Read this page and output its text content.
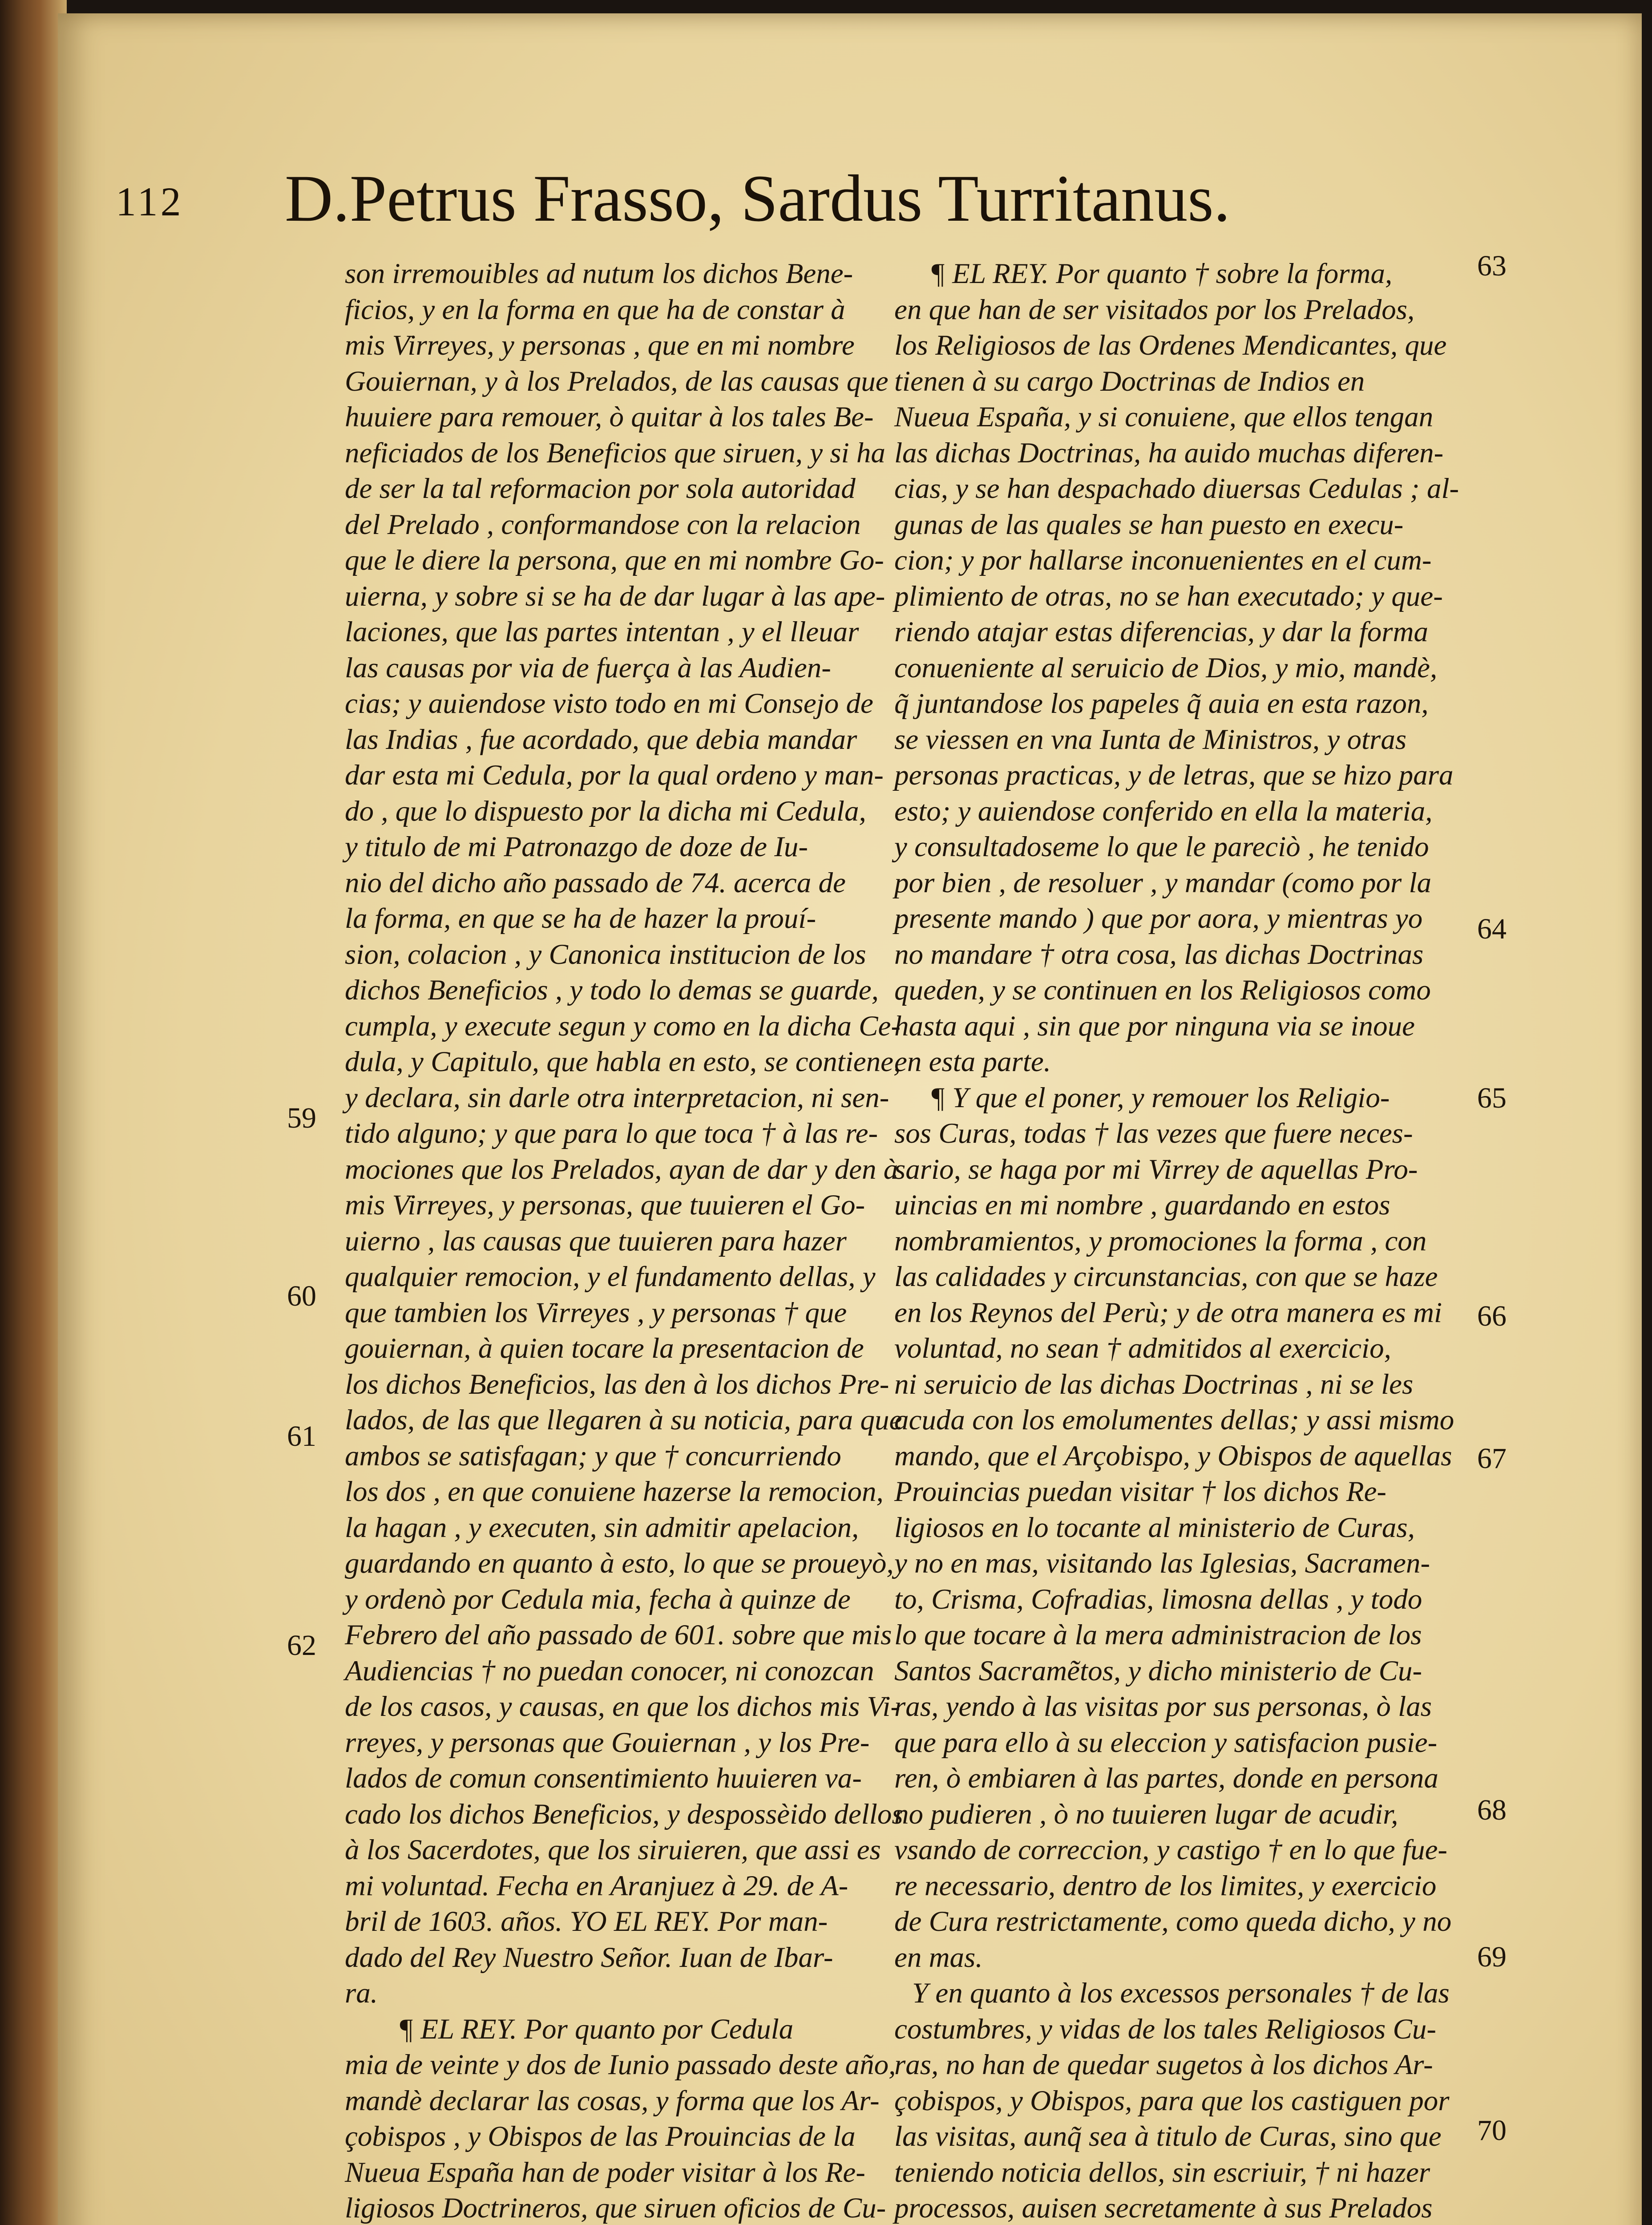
112 D.Petrus Frasso, Sardus Turritanus.
son irremouibles ad nutum los dichos Bene-
ficios, y en la forma en que ha de constar à
mis Virreyes, y personas , que en mi nombre
Gouiernan, y à los Prelados, de las causas que
huuiere para remouer, ò quitar à los tales Be-
neficiados de los Beneficios que siruen, y si ha
de ser la tal reformacion por sola autoridad
del Prelado , conformandose con la relacion
que le diere la persona, que en mi nombre Go-
uierna, y sobre si se ha de dar lugar à las ape-
laciones, que las partes intentan , y el lleuar
las causas por via de fuerça à las Audien-
cias; y auiendose visto todo en mi Consejo de
las Indias , fue acordado, que debia mandar
dar esta mi Cedula, por la qual ordeno y man-
do , que lo dispuesto por la dicha mi Cedula,
y titulo de mi Patronazgo de doze de Iu-
nio del dicho año passado de 74. acerca de
la forma, en que se ha de hazer la prouí-
sion, colacion , y Canonica institucion de los
dichos Beneficios , y todo lo demas se guarde,
cumpla, y execute segun y como en la dicha Ce-
dula, y Capitulo, que habla en esto, se contiene,
y declara, sin darle otra interpretacion, ni sen-
tido alguno; y que para lo que toca † à las re-
mociones que los Prelados, ayan de dar y den à
mis Virreyes, y personas, que tuuieren el Go-
uierno , las causas que tuuieren para hazer
qualquier remocion, y el fundamento dellas, y
que tambien los Virreyes , y personas † que
gouiernan, à quien tocare la presentacion de
los dichos Beneficios, las den à los dichos Pre-
lados, de las que llegaren à su noticia, para que
ambos se satisfagan; y que † concurriendo
los dos , en que conuiene hazerse la remocion,
la hagan , y executen, sin admitir apelacion,
guardando en quanto à esto, lo que se proueyò,
y ordenò por Cedula mia, fecha à quinze de
Febrero del año passado de 601. sobre que mis
Audiencias † no puedan conocer, ni conozcan
de los casos, y causas, en que los dichos mis Vi-
rreyes, y personas que Gouiernan , y los Pre-
lados de comun consentimiento huuieren va-
cado los dichos Beneficios, y despossèido dellos
à los Sacerdotes, que los siruieren, que assi es
mi voluntad. Fecha en Aranjuez à 29. de A-
bril de 1603. años. YO EL REY. Por man-
dado del Rey Nuestro Señor. Iuan de Ibar-
ra.
¶ EL REY. Por quanto por Cedula
mia de veinte y dos de Iunio passado deste año,
mandè declarar las cosas, y forma que los Ar-
çobispos , y Obispos de las Prouincias de la
Nueua España han de poder visitar à los Re-
ligiosos Doctrineros, que siruen oficios de Cu-
¶ EL REY. Por quanto † sobre la forma,
en que han de ser visitados por los Prelados,
los Religiosos de las Ordenes Mendicantes, que
tienen à su cargo Doctrinas de Indios en
Nueua España, y si conuiene, que ellos tengan
las dichas Doctrinas, ha auido muchas diferen-
cias, y se han despachado diuersas Cedulas ; al-
gunas de las quales se han puesto en execu-
cion; y por hallarse inconuenientes en el cum-
plimiento de otras, no se han executado; y que-
riendo atajar estas diferencias, y dar la forma
conueniente al seruicio de Dios, y mio, mandè,
q̃ juntandose los papeles q̃ auia en esta razon,
se viessen en vna Iunta de Ministros, y otras
personas practicas, y de letras, que se hizo para
esto; y auiendose conferido en ella la materia,
y consultadoseme lo que le pareciò , he tenido
por bien , de resoluer , y mandar (como por la
presente mando ) que por aora, y mientras yo
no mandare † otra cosa, las dichas Doctrinas
queden, y se continuen en los Religiosos como
hasta aqui , sin que por ninguna via se inoue
en esta parte.
¶ Y que el poner, y remouer los Religio-
sos Curas, todas † las vezes que fuere neces-
sario, se haga por mi Virrey de aquellas Pro-
uincias en mi nombre , guardando en estos
nombramientos, y promociones la forma , con
las calidades y circunstancias, con que se haze
en los Reynos del Perù; y de otra manera es mi
voluntad, no sean † admitidos al exercicio,
ni seruicio de las dichas Doctrinas , ni se les
acuda con los emolumentes dellas; y assi mismo
mando, que el Arçobispo, y Obispos de aquellas
Prouincias puedan visitar † los dichos Re-
ligiosos en lo tocante al ministerio de Curas,
y no en mas, visitando las Iglesias, Sacramen-
to, Crisma, Cofradias, limosna dellas , y todo
lo que tocare à la mera administracion de los
Santos Sacramẽtos, y dicho ministerio de Cu-
ras, yendo à las visitas por sus personas, ò las
que para ello à su eleccion y satisfacion pusie-
ren, ò embiaren à las partes, donde en persona
no pudieren , ò no tuuieren lugar de acudir,
vsando de correccion, y castigo † en lo que fue-
re necessario, dentro de los limites, y exercicio
de Cura restrictamente, como queda dicho, y no
en mas.
Y en quanto à los excessos personales † de las
costumbres, y vidas de los tales Religiosos Cu-
ras, no han de quedar sugetos à los dichos Ar-
çobispos, y Obispos, para que los castiguen por
las visitas, aunq̃ sea à titulo de Curas, sino que
teniendo noticia dellos, sin escriuir, † ni hazer
processos, auisen secretamente à sus Prelados
59
60
61
62
63
64
65
66
67
68
69
70
